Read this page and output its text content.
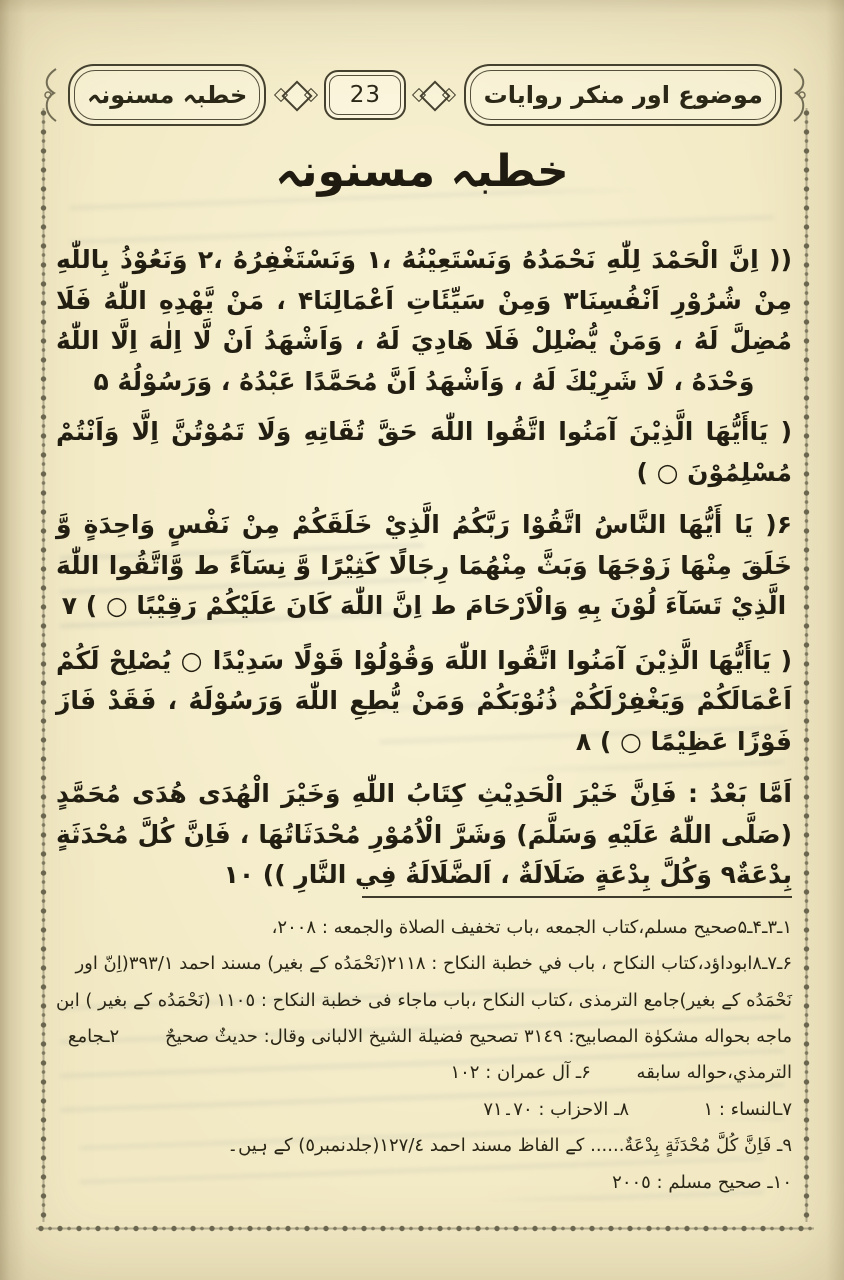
خطبہ مسنونہ	23	موضوع اور منکر روایات
خطبہ مسنونہ

(( اِنَّ الْحَمْدَ لِلّٰهِ نَحْمَدُهُ وَنَسْتَعِيْنُهُ ،۱ وَنَسْتَغْفِرُهُ ،۲ وَنَعُوْذُ بِاللّٰهِ مِنْ شُرُوْرِ اَنْفُسِنَا۳ وَمِنْ سَيِّئَاتِ اَعْمَالِنَا۴ ، مَنْ يَّهْدِهِ اللّٰهُ فَلَا مُضِلَّ لَهُ ، وَمَنْ يُّضْلِلْ فَلَا هَادِيَ لَهُ ، وَاَشْهَدُ اَنْ لَّا اِلٰهَ اِلَّا اللّٰهُ وَحْدَهُ ، لَا شَرِيْكَ لَهُ ، وَاَشْهَدُ اَنَّ مُحَمَّدًا عَبْدُهُ ، وَرَسُوْلُهُ ۵

( يَاأَيُّهَا الَّذِيْنَ آمَنُوا اتَّقُوا اللّٰهَ حَقَّ تُقَاتِهِ وَلَا تَمُوْتُنَّ اِلَّا وَاَنْتُمْ مُسْلِمُوْنَ ○ )

۶( يَا أَيُّهَا النَّاسُ اتَّقُوْا رَبَّكُمُ الَّذِيْ خَلَقَكُمْ مِنْ نَفْسٍ وَاحِدَةٍ وَّ خَلَقَ مِنْهَا زَوْجَهَا وَبَثَّ مِنْهُمَا رِجَالًا كَثِيْرًا وَّ نِسَآءً ط وَّاتَّقُوا اللّٰهَ الَّذِيْ تَسَآءَ لُوْنَ بِهِ وَالْاَرْحَامَ ط اِنَّ اللّٰهَ كَانَ عَلَيْكُمْ رَقِيْبًا ○ ) ۷

( يَاأَيُّهَا الَّذِيْنَ آمَنُوا اتَّقُوا اللّٰهَ وَقُوْلُوْا قَوْلًا سَدِيْدًا ○ يُصْلِحْ لَكُمْ اَعْمَالَكُمْ وَيَغْفِرْلَكُمْ ذُنُوْبَكُمْ وَمَنْ يُّطِعِ اللّٰهَ وَرَسُوْلَهُ ، فَقَدْ فَازَ فَوْزًا عَظِيْمًا ○ ) ۸

اَمَّا بَعْدُ : فَاِنَّ خَيْرَ الْحَدِيْثِ كِتَابُ اللّٰهِ وَخَيْرَ الْهُدَى هُدَى مُحَمَّدٍ (صَلَّى اللّٰهُ عَلَيْهِ وَسَلَّمَ) وَشَرَّ الْاُمُوْرِ مُحْدَثَاتُهَا ، فَاِنَّ كُلَّ مُحْدَثَةٍ بِدْعَةٌ۹ وَكُلَّ بِدْعَةٍ ضَلَالَةٌ ، اَلضَّلَالَةُ فِي النَّارِ )) ۱۰

۱ـ۳ـ۴ـ۵صحيح مسلم،كتاب الجمعه ،باب تخفيف الصلاة والجمعه : ٢٠٠٨،
۶ـ۷ـ۸ابوداؤد،كتاب النكاح ، باب في خطبة النكاح : ٢١١٨(نَحْمَدُه کے بغیر) مسند احمد ٣٩٣/١(اِنّ اور
نَحْمَدُه کے بغیر)جامع الترمذى ،كتاب النكاح ،باب ماجاء فى خطبة النكاح : ١١٠٥ (نَحْمَدُه کے بغیر ) ابن
ماجه بحواله مشكوٰة المصابيح: ٣١٤٩ تصحيح فضيلة الشيخ الالبانى وقال: حديثٌ صحيحٌ        ۲ـجامع
الترمذي،حواله سابقه        ۶ـ آل عمران : ١٠٢
۷ـالنساء : ١             ۸ـ الاحزاب : ٧٠۔٧١
۹ـ فَاِنَّ كُلَّ مُحْدَثَةٍ بِدْعَةٌ...... کے الفاظ مسند احمد ١٢٧/٤(جلدنمبر٥) کے ہیں۔
۱۰ـ صحيح مسلم : ٢٠٠٥
